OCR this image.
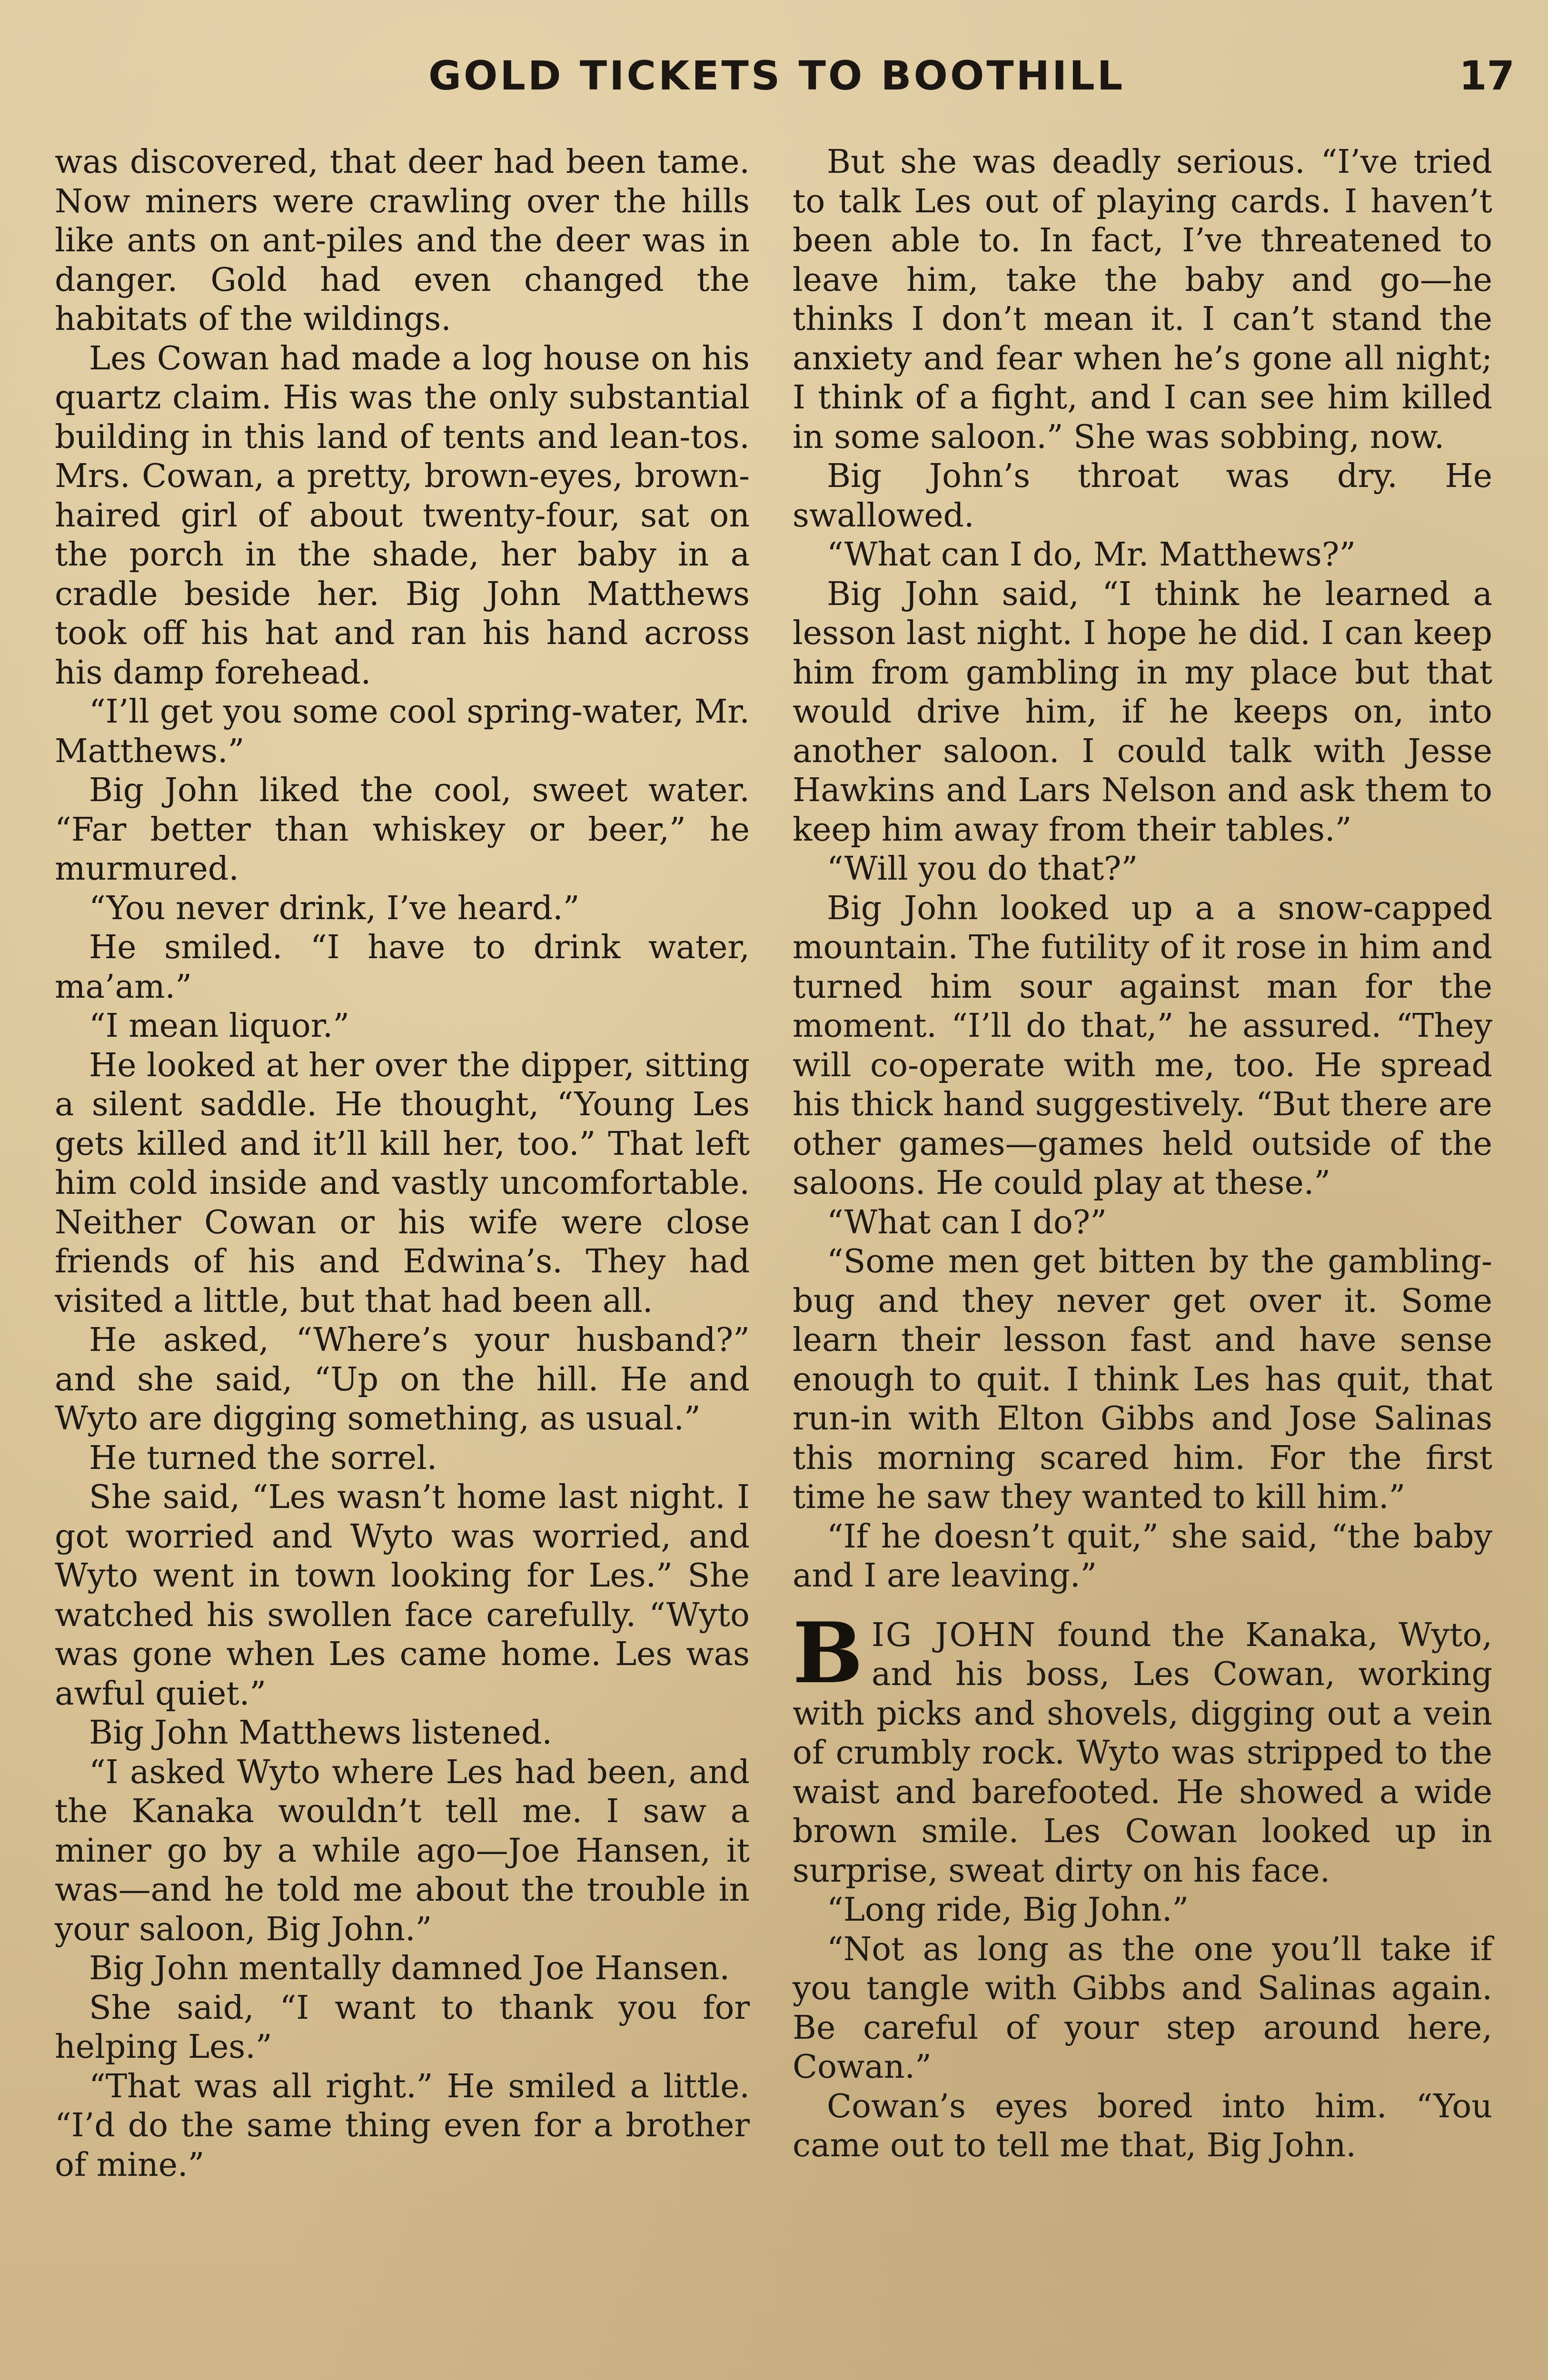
GOLD TICKETS TO BOOTHILL	17

was discovered, that deer had been tame. Now miners were crawling over the hills like ants on ant-piles and the deer was in danger. Gold had even changed the habitats of the wildings.

Les Cowan had made a log house on his quartz claim. His was the only substantial building in this land of tents and lean-tos. Mrs. Cowan, a pretty, brown-eyes, brown-haired girl of about twenty-four, sat on the porch in the shade, her baby in a cradle beside her. Big John Matthews took off his hat and ran his hand across his damp forehead.

“I’ll get you some cool spring-water, Mr. Matthews.”

Big John liked the cool, sweet water. “Far better than whiskey or beer,” he murmured.

“You never drink, I’ve heard.”

He smiled. “I have to drink water, ma’am.”

“I mean liquor.”

He looked at her over the dipper, sitting a silent saddle. He thought, “Young Les gets killed and it’ll kill her, too.” That left him cold inside and vastly uncomfortable. Neither Cowan or his wife were close friends of his and Edwina’s. They had visited a little, but that had been all.

He asked, “Where’s your husband?” and she said, “Up on the hill. He and Wyto are digging something, as usual.”

He turned the sorrel.

She said, “Les wasn’t home last night. I got worried and Wyto was worried, and Wyto went in town looking for Les.” She watched his swollen face carefully. “Wyto was gone when Les came home. Les was awful quiet.”

Big John Matthews listened.

“I asked Wyto where Les had been, and the Kanaka wouldn’t tell me. I saw a miner go by a while ago—Joe Hansen, it was—and he told me about the trouble in your saloon, Big John.”

Big John mentally damned Joe Hansen.

She said, “I want to thank you for helping Les.”

“That was all right.” He smiled a little. “I’d do the same thing even for a brother of mine.”

But she was deadly serious. “I’ve tried to talk Les out of playing cards. I haven’t been able to. In fact, I’ve threatened to leave him, take the baby and go—he thinks I don’t mean it. I can’t stand the anxiety and fear when he’s gone all night; I think of a fight, and I can see him killed in some saloon.” She was sobbing, now.

Big John’s throat was dry. He swallowed.

“What can I do, Mr. Matthews?”

Big John said, “I think he learned a lesson last night. I hope he did. I can keep him from gambling in my place but that would drive him, if he keeps on, into another saloon. I could talk with Jesse Hawkins and Lars Nelson and ask them to keep him away from their tables.”

“Will you do that?”

Big John looked up a a snow-capped mountain. The futility of it rose in him and turned him sour against man for the moment. “I’ll do that,” he assured. “They will co-operate with me, too. He spread his thick hand suggestively. “But there are other games—games held outside of the saloons. He could play at these.”

“What can I do?”

“Some men get bitten by the gambling-bug and they never get over it. Some learn their lesson fast and have sense enough to quit. I think Les has quit, that run-in with Elton Gibbs and Jose Salinas this morning scared him. For the first time he saw they wanted to kill him.”

“If he doesn’t quit,” she said, “the baby and I are leaving.”

BIG JOHN found the Kanaka, Wyto, and his boss, Les Cowan, working with picks and shovels, digging out a vein of crumbly rock. Wyto was stripped to the waist and barefooted. He showed a wide brown smile. Les Cowan looked up in surprise, sweat dirty on his face.

“Long ride, Big John.”

“Not as long as the one you’ll take if you tangle with Gibbs and Salinas again. Be careful of your step around here, Cowan.”

Cowan’s eyes bored into him. “You came out to tell me that, Big John.
